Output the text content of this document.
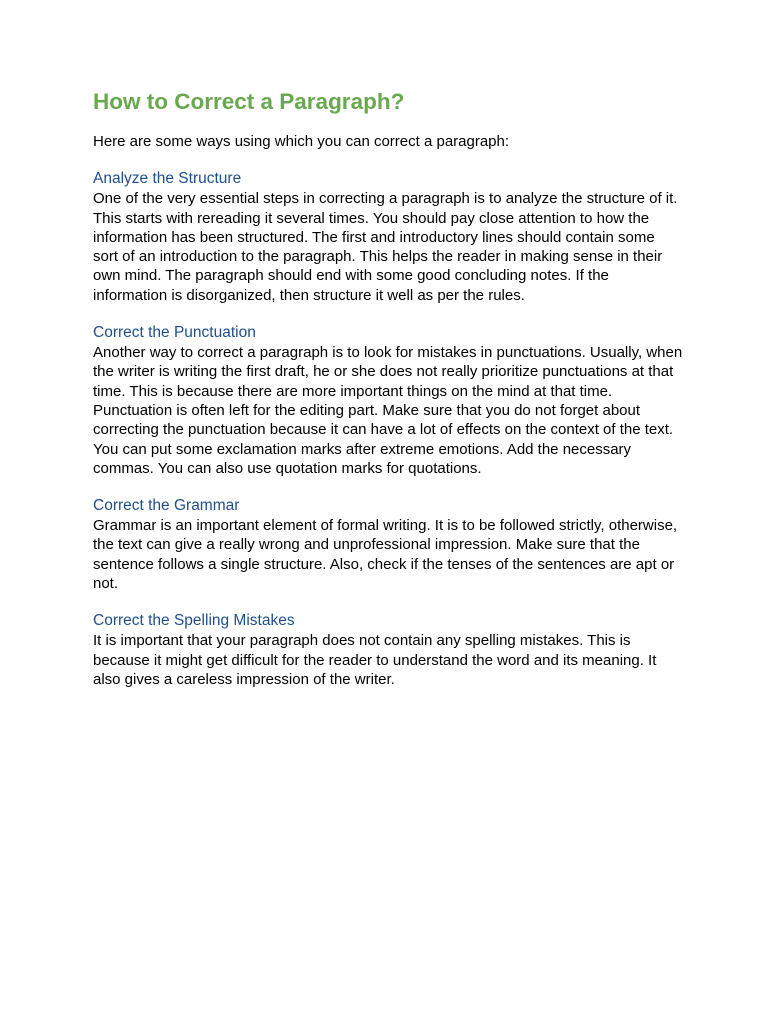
How to Correct a Paragraph?

Here are some ways using which you can correct a paragraph:

Analyze the Structure

One of the very essential steps in correcting a paragraph is to analyze the structure of it. This starts with rereading it several times. You should pay close attention to how the information has been structured. The first and introductory lines should contain some sort of an introduction to the paragraph. This helps the reader in making sense in their own mind. The paragraph should end with some good concluding notes. If the information is disorganized, then structure it well as per the rules.

Correct the Punctuation

Another way to correct a paragraph is to look for mistakes in punctuations. Usually, when the writer is writing the first draft, he or she does not really prioritize punctuations at that time. This is because there are more important things on the mind at that time. Punctuation is often left for the editing part. Make sure that you do not forget about correcting the punctuation because it can have a lot of effects on the context of the text. You can put some exclamation marks after extreme emotions. Add the necessary commas. You can also use quotation marks for quotations.

Correct the Grammar

Grammar is an important element of formal writing. It is to be followed strictly, otherwise, the text can give a really wrong and unprofessional impression. Make sure that the sentence follows a single structure. Also, check if the tenses of the sentences are apt or not.

Correct the Spelling Mistakes

It is important that your paragraph does not contain any spelling mistakes. This is because it might get difficult for the reader to understand the word and its meaning. It also gives a careless impression of the writer.
